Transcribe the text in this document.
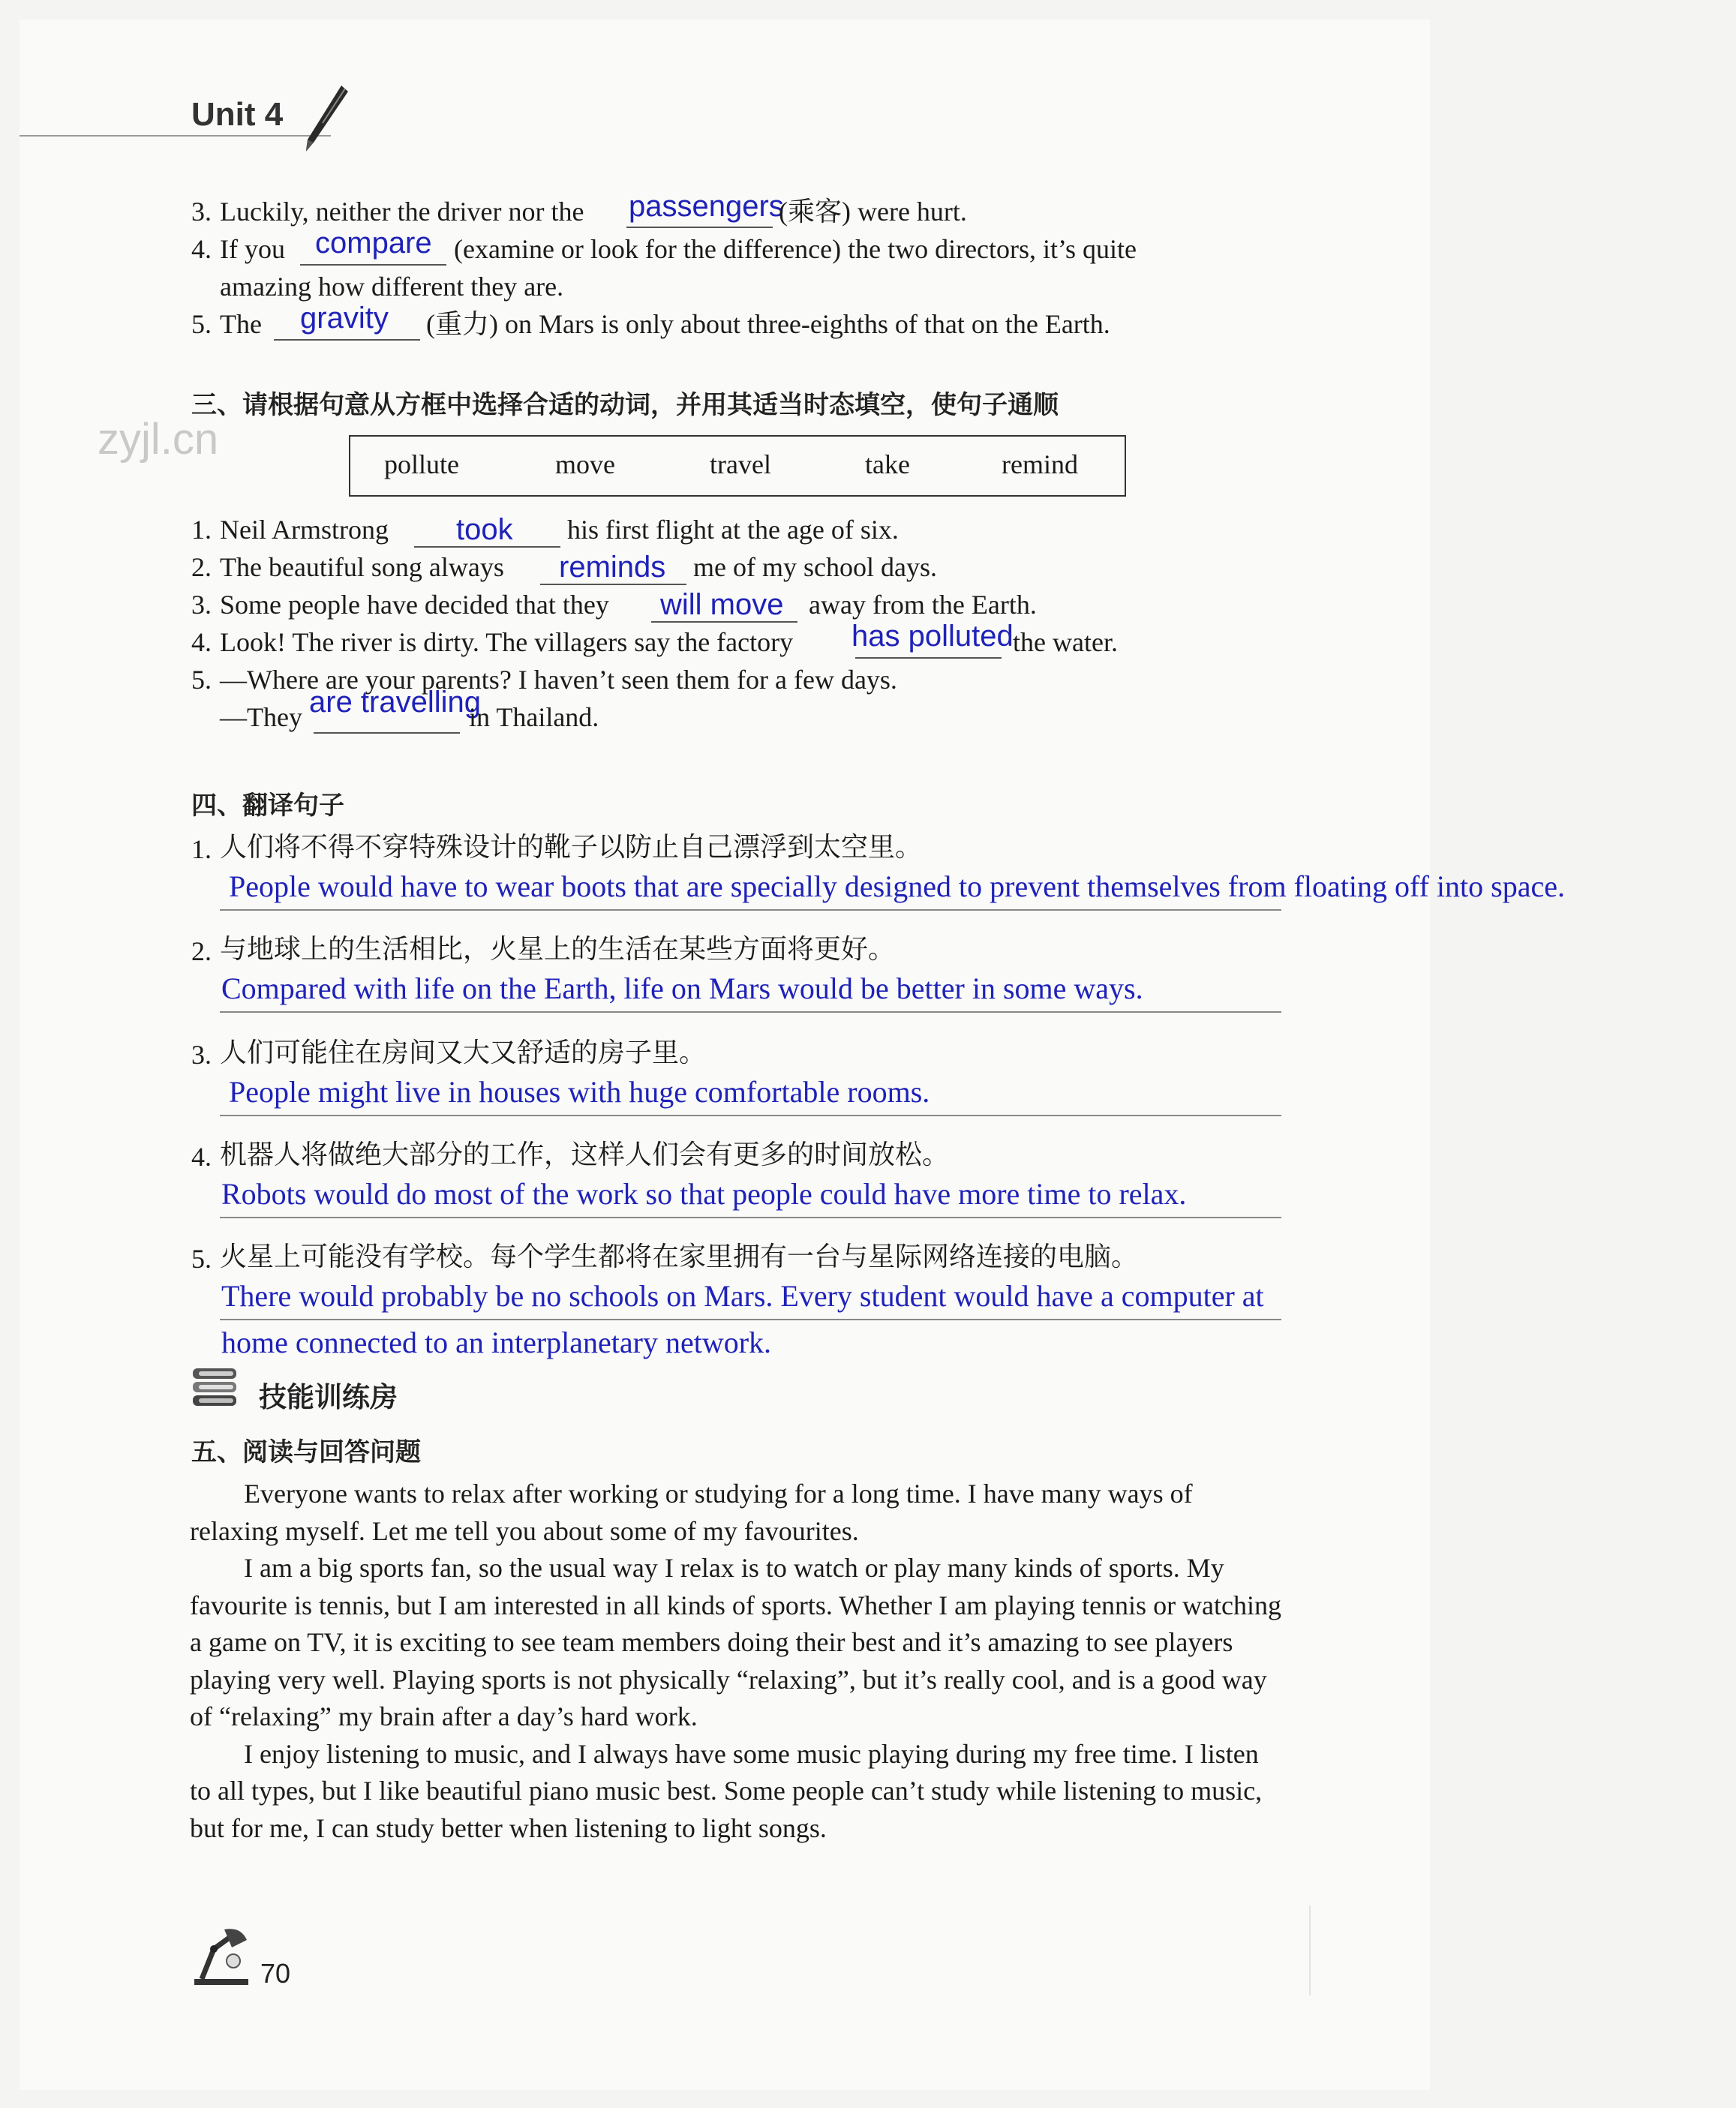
Unit 4
3. Luckily, neither the driver nor the passengers
(乘客) were hurt.
4. If you compare (examine or look for the difference) the two directors, it’s quite
amazing how different they are.
5. The gravity (重力) on Mars is only about three-eighths of that on the Earth.
三、请根据句意从方框中选择合适的动词，并用其适当时态填空，使句子通顺
zyjl.cn
pollute	move	travel	take	remind
1. Neil Armstrong took his first flight at the age of six.
2. The beautiful song always reminds me of my school days.
3. Some people have decided that they will move away from the Earth.
4. Look! The river is dirty. The villagers say the factory has polluted the water.
5. —Where are your parents? I haven’t seen them for a few days.
—They are travelling
in Thailand.
四、翻译句子
1. 人们将不得不穿特殊设计的靴子以防止自己漂浮到太空里。
People would have to wear boots that are specially designed to prevent themselves from floating off into space.
2. 与地球上的生活相比，火星上的生活在某些方面将更好。
Compared with life on the Earth, life on Mars would be better in some ways.
3. 人们可能住在房间又大又舒适的房子里。
People might live in houses with huge comfortable rooms.
4. 机器人将做绝大部分的工作，这样人们会有更多的时间放松。
Robots would do most of the work so that people could have more time to relax.
5. 火星上可能没有学校。每个学生都将在家里拥有一台与星际网络连接的电脑。
There would probably be no schools on Mars. Every student would have a computer at
home connected to an interplanetary network.
技能训练房
五、阅读与回答问题

Everyone wants to relax after working or studying for a long time. I have many ways of relaxing myself. Let me tell you about some of my favourites.

I am a big sports fan, so the usual way I relax is to watch or play many kinds of sports. My favourite is tennis, but I am interested in all kinds of sports. Whether I am playing tennis or watching a game on TV, it is exciting to see team members doing their best and it’s amazing to see players playing very well. Playing sports is not physically “relaxing”, but it’s really cool, and is a good way of “relaxing” my brain after a day’s hard work.

I enjoy listening to music, and I always have some music playing during my free time. I listen to all types, but I like beautiful piano music best. Some people can’t study while listening to music, but for me, I can study better when listening to light songs.

70
